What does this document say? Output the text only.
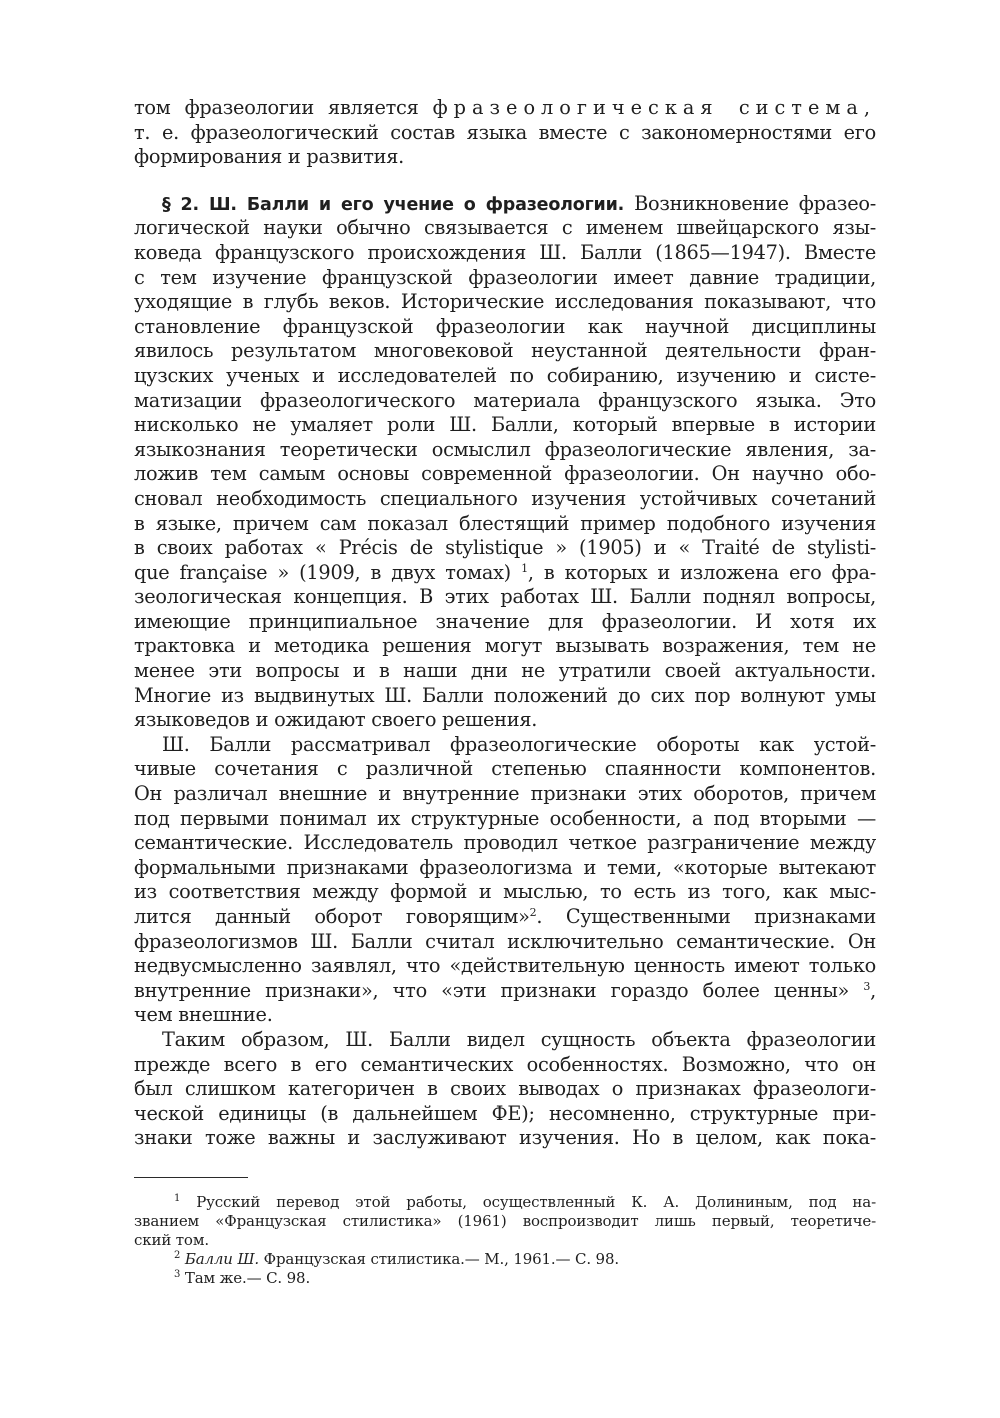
том фразеологии является фразеологическая система,
т. е. фразеологический состав языка вместе с закономерностями его
формирования и развития.
§ 2. Ш. Балли и его учение о фразеологии. Возникновение фразео-
логической науки обычно связывается с именем швейцарского язы-
коведа французского происхождения Ш. Балли (1865—1947). Вместе
с тем изучение французской фразеологии имеет давние традиции,
уходящие в глубь веков. Исторические исследования показывают, что
становление французской фразеологии как научной дисциплины
явилось результатом многовековой неустанной деятельности фран-
цузских ученых и исследователей по собиранию, изучению и систе-
матизации фразеологического материала французского языка. Это
нисколько не умаляет роли Ш. Балли, который впервые в истории
языкознания теоретически осмыслил фразеологические явления, за-
ложив тем самым основы современной фразеологии. Он научно обо-
сновал необходимость специального изучения устойчивых сочетаний
в языке, причем сам показал блестящий пример подобного изучения
в своих работах « Précis de stylistique » (1905) и « Traité de stylisti-
que française » (1909, в двух томах) $^1$, в которых и изложена его фра-
зеологическая концепция. В этих работах Ш. Балли поднял вопросы,
имеющие принципиальное значение для фразеологии. И хотя их
трактовка и методика решения могут вызывать возражения, тем не
менее эти вопросы и в наши дни не утратили своей актуальности.
Многие из выдвинутых Ш. Балли положений до сих пор волнуют умы
языковедов и ожидают своего решения.
Ш. Балли рассматривал фразеологические обороты как устой-
чивые сочетания с различной степенью спаянности компонентов.
Он различал внешние и внутренние признаки этих оборотов, причем
под первыми понимал их структурные особенности, а под вторыми —
семантические. Исследователь проводил четкое разграничение между
формальными признаками фразеологизма и теми, «которые вытекают
из соответствия между формой и мыслью, то есть из того, как мыс-
лится данный оборот говорящим»$^2$. Существенными признаками
фразеологизмов Ш. Балли считал исключительно семантические. Он
недвусмысленно заявлял, что «действительную ценность имеют только
внутренние признаки», что «эти признаки гораздо более ценны» $^3$,
чем внешние.
Таким образом, Ш. Балли видел сущность объекта фразеологии
прежде всего в его семантических особенностях. Возможно, что он
был слишком категоричен в своих выводах о признаках фразеологи-
ческой единицы (в дальнейшем ФЕ); несомненно, структурные при-
знаки тоже важны и заслуживают изучения. Но в целом, как пока-
$^1$ Русский перевод этой работы, осуществленный К. А. Долининым, под на-
званием «Французская стилистика» (1961) воспроизводит лишь первый, теоретиче-
ский том.
$^2$ Балли Ш. Французская стилистика.— М., 1961.— С. 98.
$^3$ Там же.— С. 98.
